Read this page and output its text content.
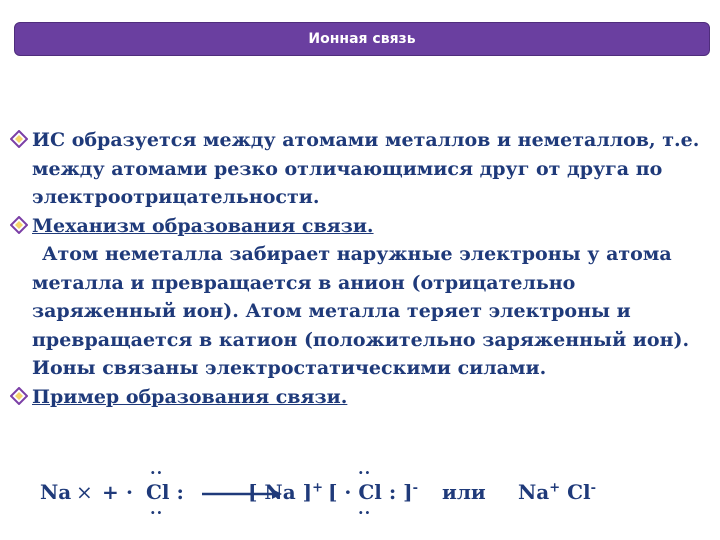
Ионная связь
ИС образуется между атомами металлов и неметаллов, т.е. между атомами резко отличающимися друг от друга по электроотрицательности.
Механизм образования связи.
Атом неметалла забирает наружные электроны у атома металла и превращается в анион (отрицательно заряженный ион). Атом металла теряет электроны и превращается в катион (положительно заряженный ион). Ионы связаны электростатическими силами.
Пример образования связи.
Na × + ·
··
Cl :
··
[ Na ]+
··
[ · Cl : ]-
··
или Na+ Cl-
